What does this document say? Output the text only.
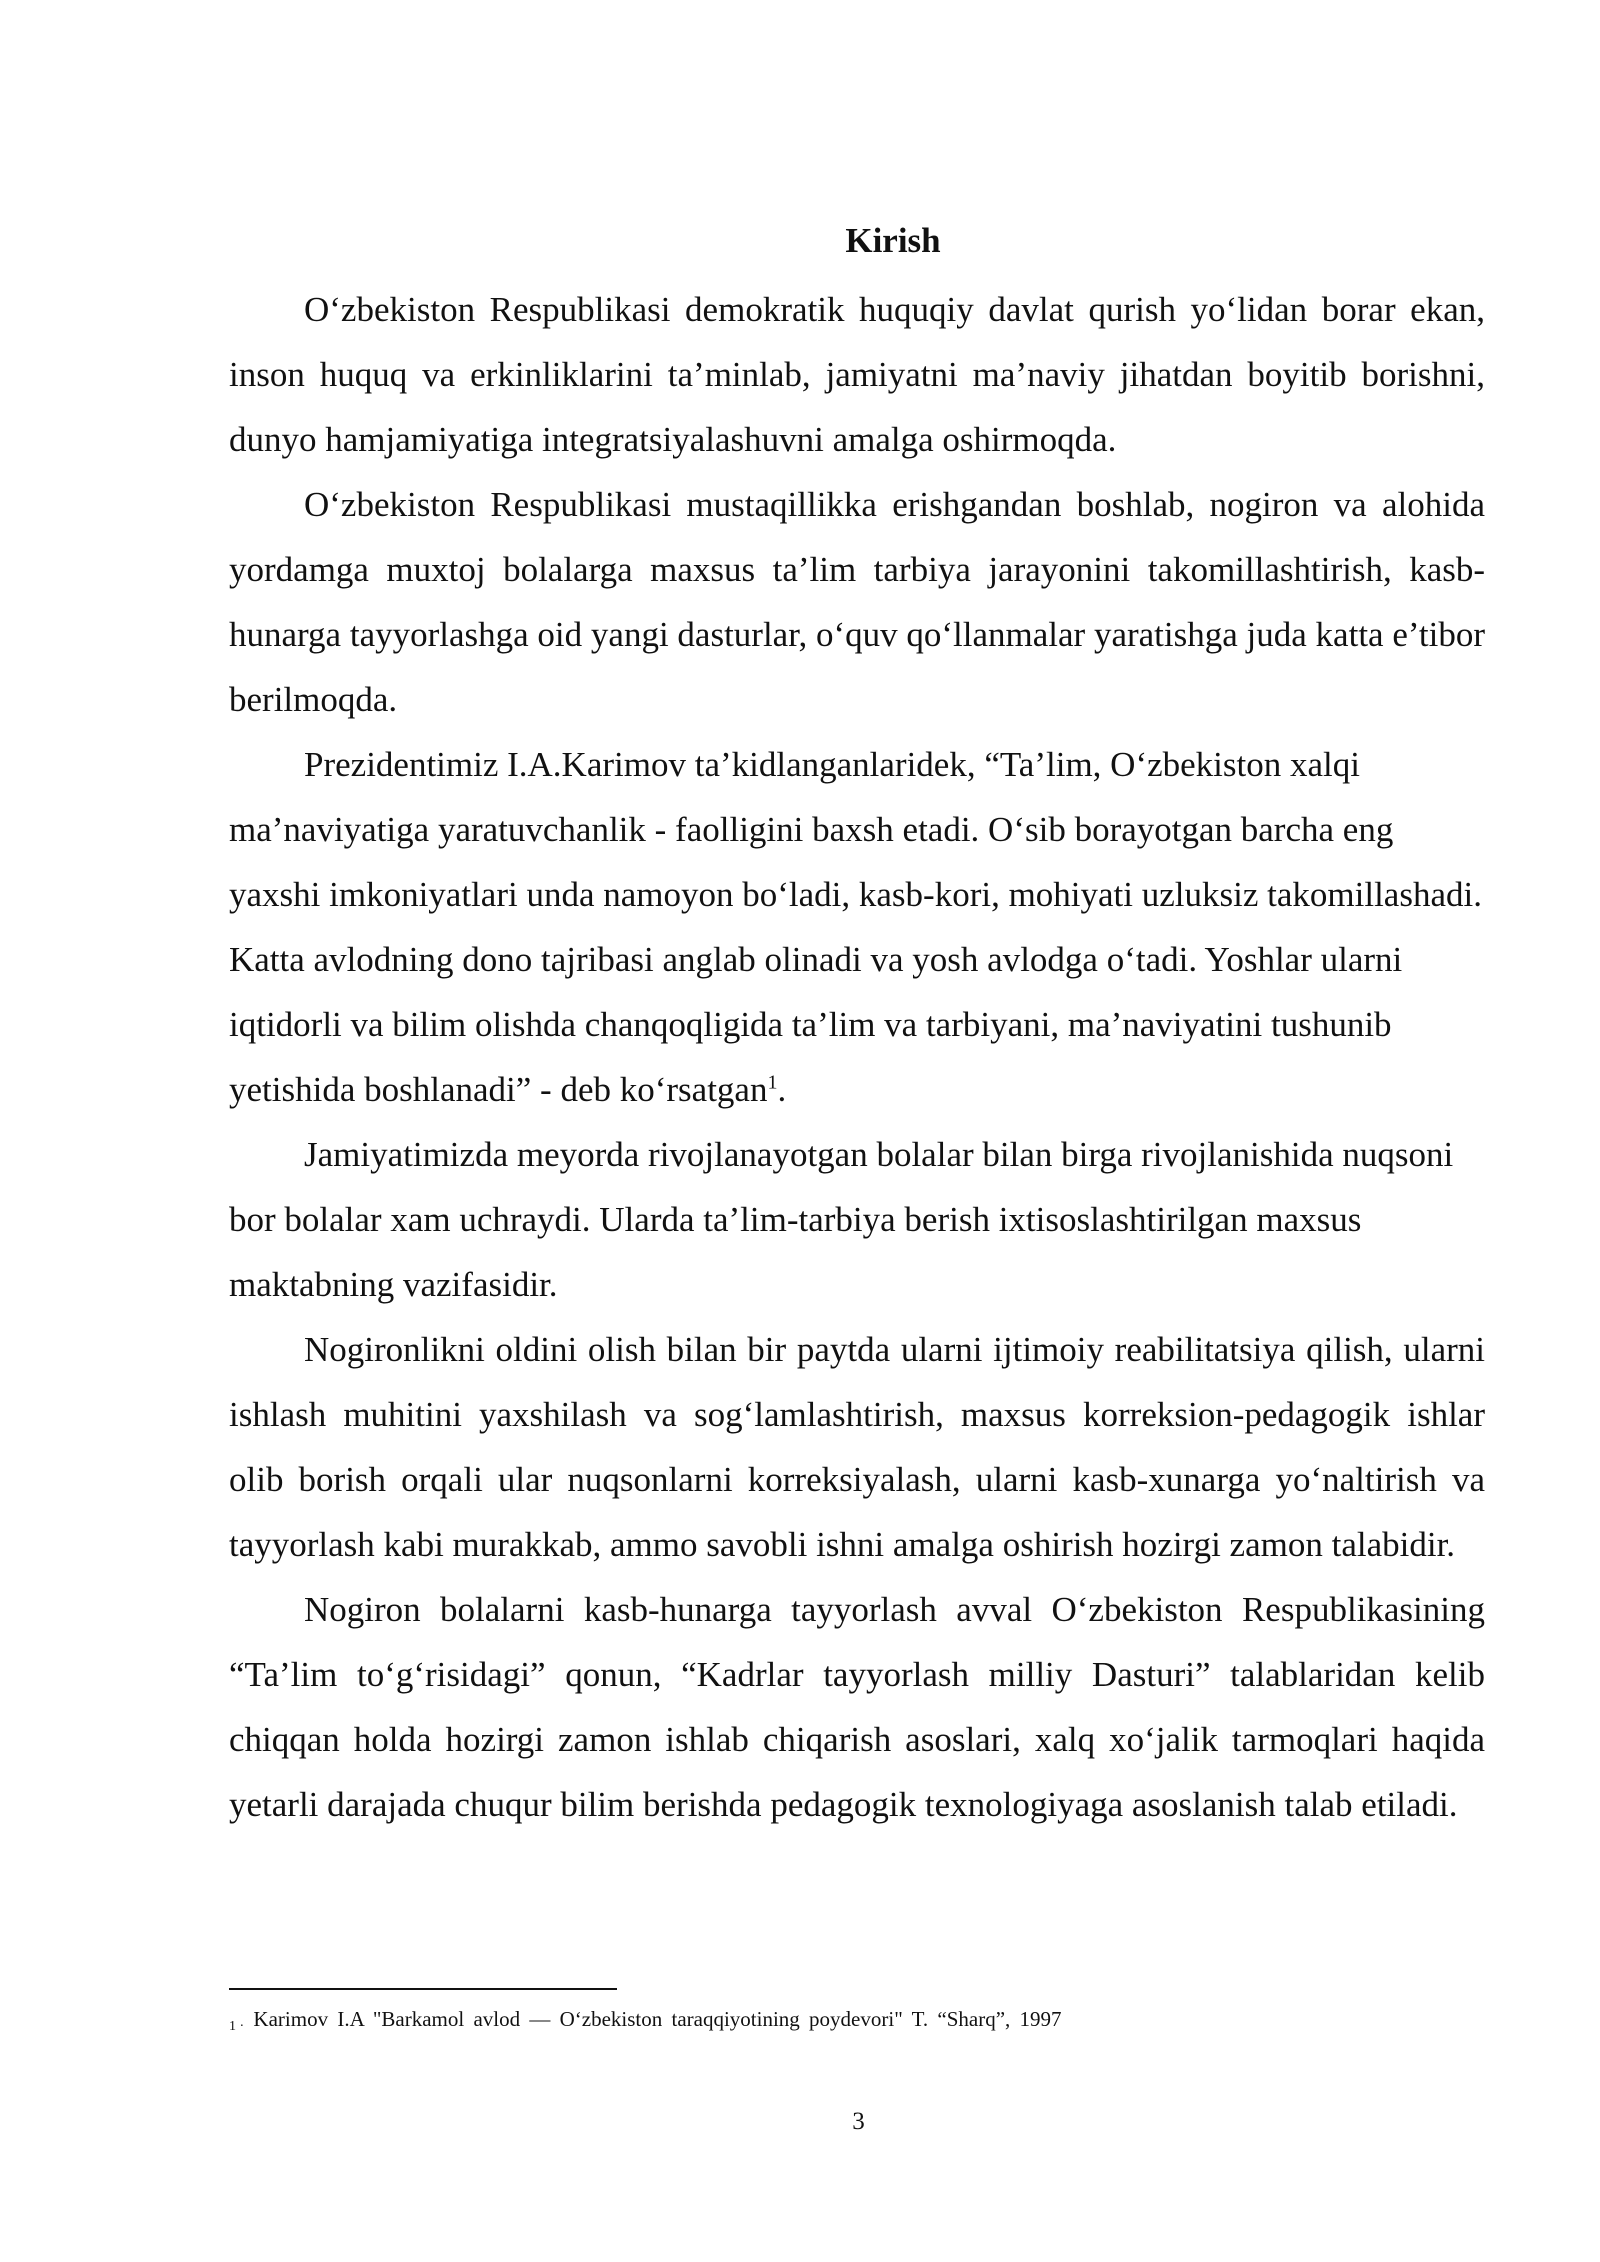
Kirish

O‘zbekiston Respublikasi demokratik huquqiy davlat qurish yo‘lidan borar ekan, inson huquq va erkinliklarini ta’minlab, jamiyatni ma’naviy jihatdan boyitib borishni, dunyo hamjamiyatiga integratsiyalashuvni amalga oshirmoqda.

O‘zbekiston Respublikasi mustaqillikka erishgandan boshlab, nogiron va alohida yordamga muxtoj bolalarga maxsus ta’lim tarbiya jarayonini takomillashtirish, kasb-hunarga tayyorlashga oid yangi dasturlar, o‘quv qo‘llanmalar yaratishga juda katta e’tibor berilmoqda.

Prezidentimiz I.A.Karimov ta’kidlanganlaridek, “Ta’lim, O‘zbekiston xalqi ma’naviyatiga yaratuvchanlik - faolligini baxsh etadi. O‘sib borayotgan barcha eng yaxshi imkoniyatlari unda namoyon bo‘ladi, kasb-kori, mohiyati uzluksiz takomillashadi. Katta avlodning dono tajribasi anglab olinadi va yosh avlodga o‘tadi. Yoshlar ularni iqtidorli va bilim olishda chanqoqligida ta’lim va tarbiyani, ma’naviyatini tushunib yetishida boshlanadi” - deb ko‘rsatgan$^1$.

Jamiyatimizda meyorda rivojlanayotgan bolalar bilan birga rivojlanishida nuqsoni bor bolalar xam uchraydi. Ularda ta’lim-tarbiya berish ixtisoslashtirilgan maxsus maktabning vazifasidir.

Nogironlikni oldini olish bilan bir paytda ularni ijtimoiy reabilitatsiya qilish, ularni ishlash muhitini yaxshilash va sog‘lamlashtirish, maxsus korreksion-pedagogik ishlar olib borish orqali ular nuqsonlarni korreksiyalash, ularni kasb-xunarga yo‘naltirish va tayyorlash kabi murakkab, ammo savobli ishni amalga oshirish hozirgi zamon talabidir.

Nogiron bolalarni kasb-hunarga tayyorlash avval O‘zbekiston Respublikasining “Ta’lim to‘g‘risidagi” qonun, “Kadrlar tayyorlash milliy Dasturi” talablaridan kelib chiqqan holda hozirgi zamon ishlab chiqarish asoslari, xalq xo‘jalik tarmoqlari haqida yetarli darajada chuqur bilim berishda pedagogik texnologiyaga asoslanish talab etiladi.

1 · Karimov I.A "Barkamol avlod — O‘zbekiston taraqqiyotining poydevori" T. “Sharq”, 1997
3
